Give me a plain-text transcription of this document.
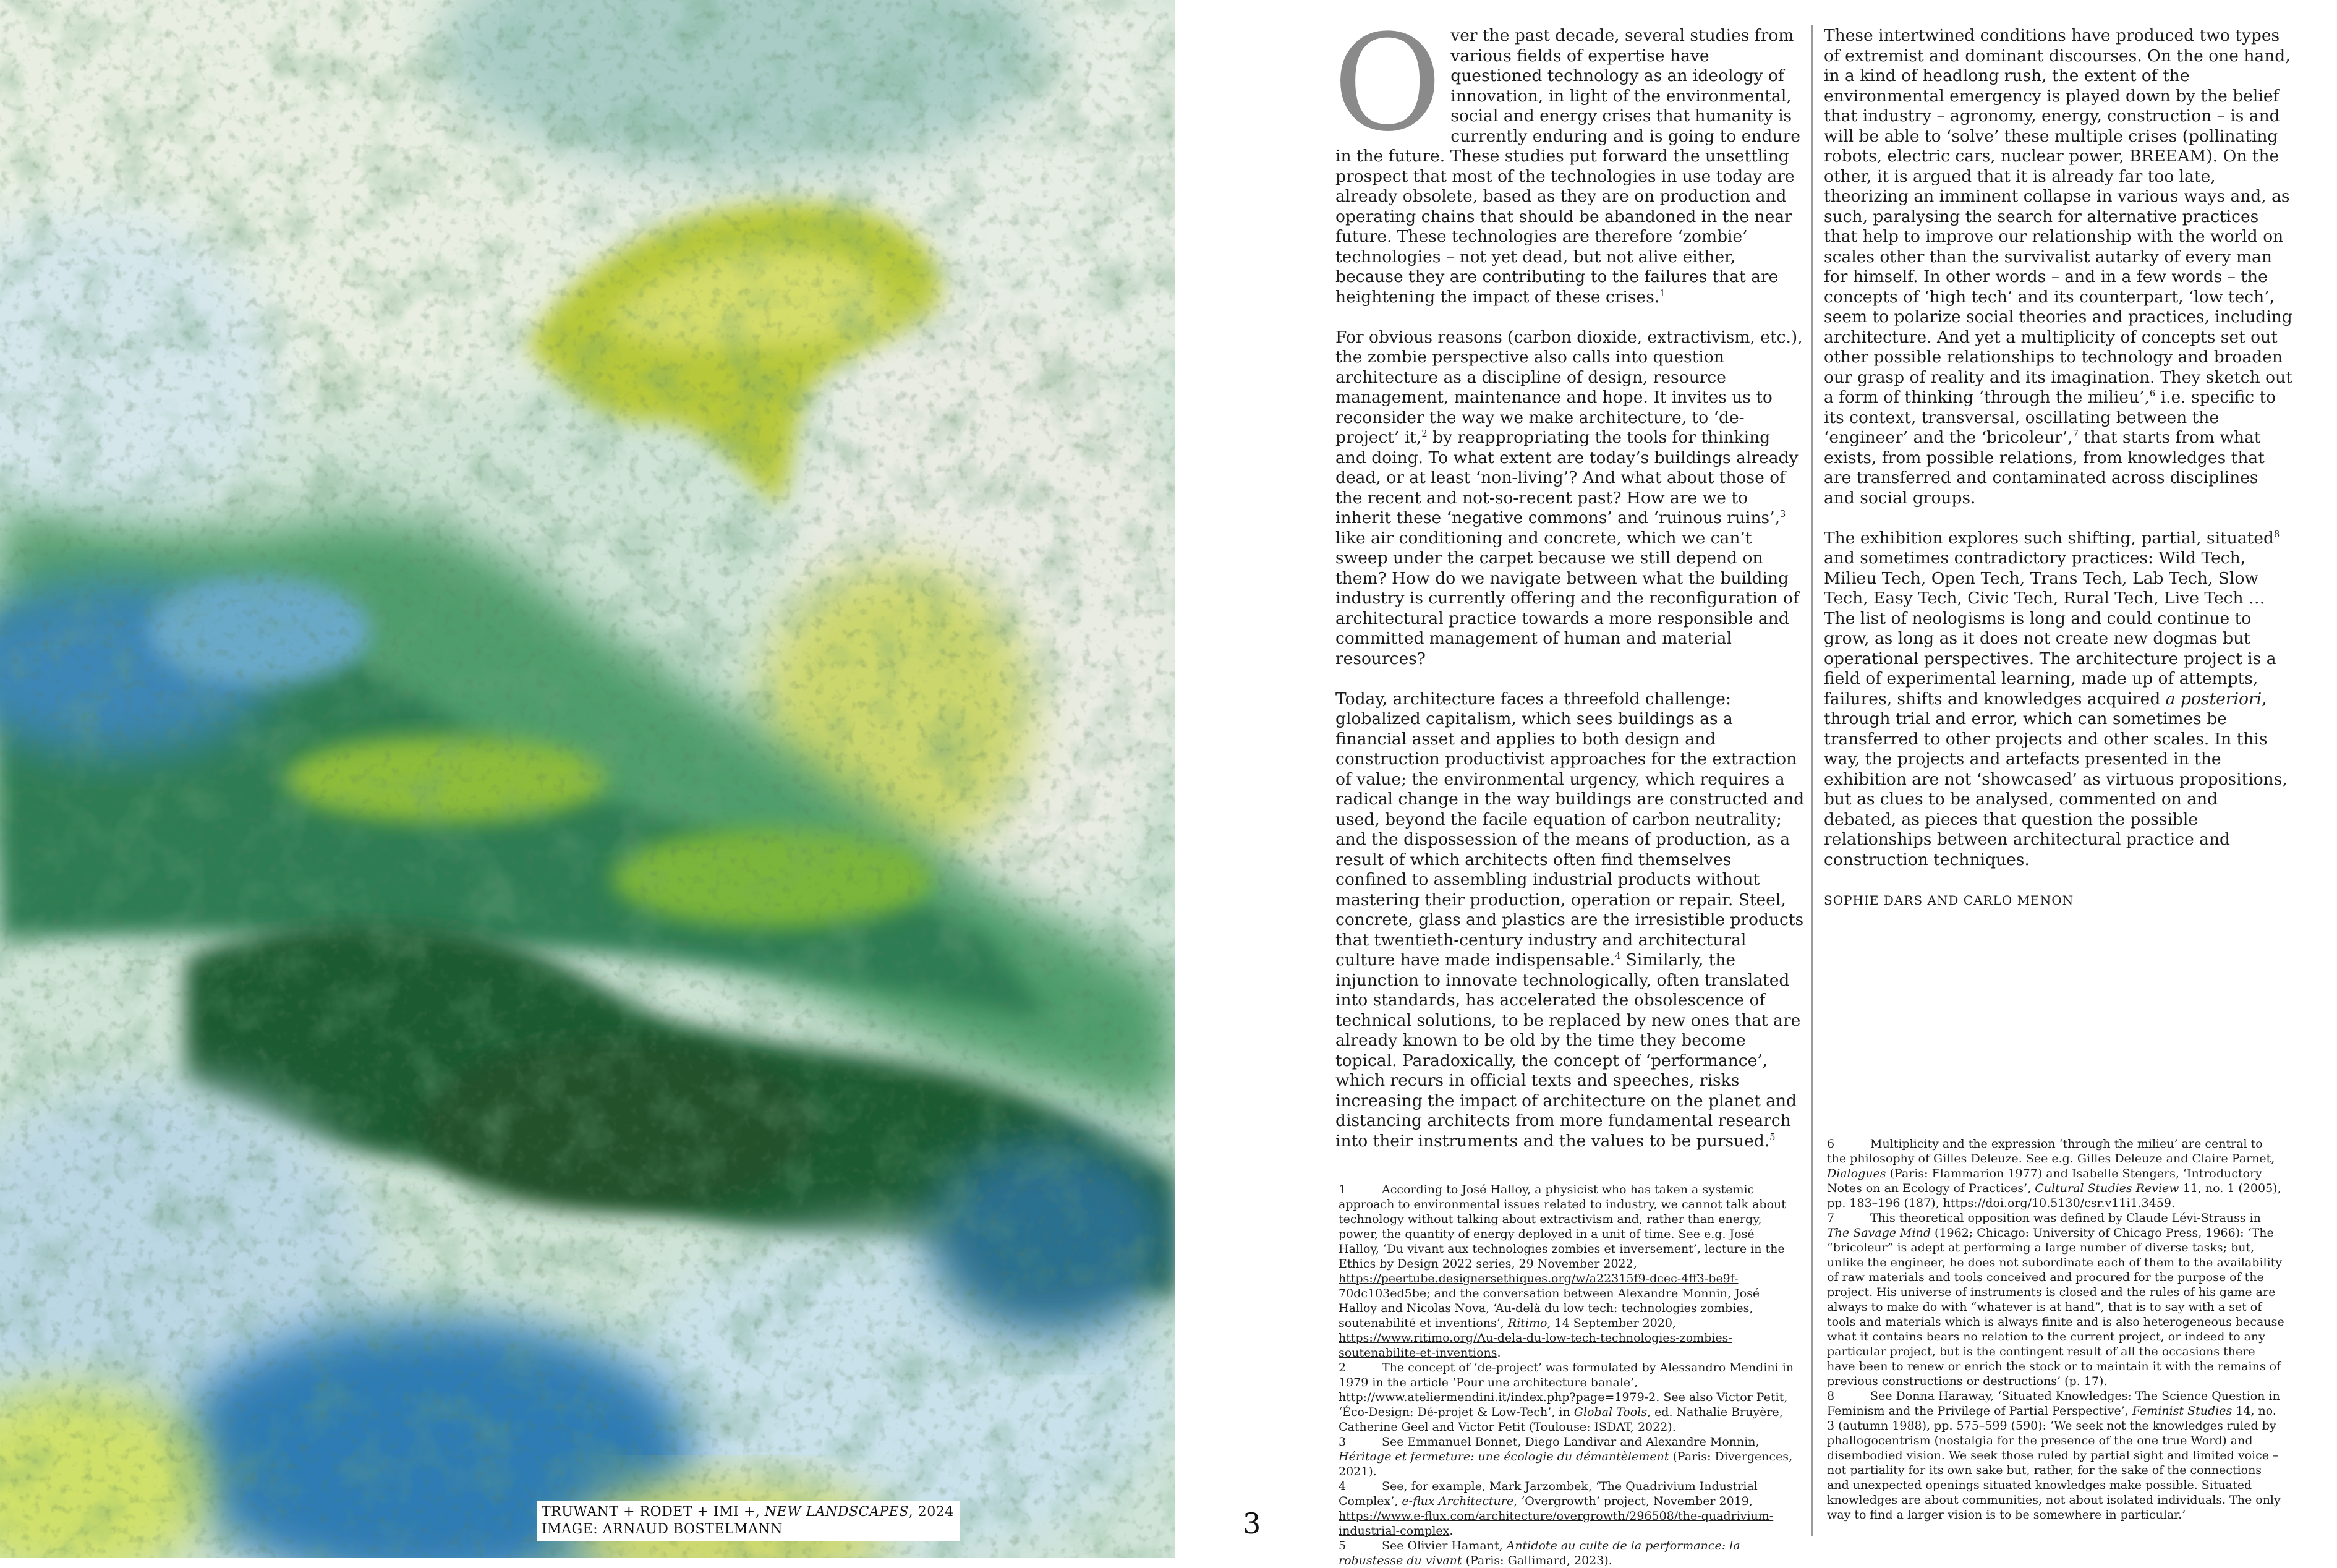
TRUWANT + RODET + IMI +, NEW LANDSCAPES, 2024
IMAGE: ARNAUD BOSTELMANN	3

Over the past decade, several studies from various fields of expertise have questioned technology as an ideology of innovation, in light of the environmental, social and energy crises that humanity is currently enduring and is going to endure in the future. These studies put forward the unsettling prospect that most of the technologies in use today are already obsolete, based as they are on production and operating chains that should be abandoned in the near future. These technologies are therefore ‘zombie’ technologies – not yet dead, but not alive either, because they are contributing to the failures that are heightening the impact of these crises.$^1$

For obvious reasons (carbon dioxide, extractivism, etc.), the zombie perspective also calls into question architecture as a discipline of design, resource management, maintenance and hope. It invites us to reconsider the way we make architecture, to ‘de-project’ it,$^2$ by reappropriating the tools for thinking and doing. To what extent are today’s buildings already dead, or at least ‘non-living’? And what about those of the recent and not-so-recent past? How are we to inherit these ‘negative commons’ and ‘ruinous ruins’,$^3$ like air conditioning and concrete, which we can’t sweep under the carpet because we still depend on them? How do we navigate between what the building industry is currently offering and the reconfiguration of architectural practice towards a more responsible and committed management of human and material resources?

Today, architecture faces a threefold challenge: globalized capitalism, which sees buildings as a financial asset and applies to both design and construction productivist approaches for the extraction of value; the environmental urgency, which requires a radical change in the way buildings are constructed and used, beyond the facile equation of carbon neutrality; and the dispossession of the means of production, as a result of which architects often find themselves confined to assembling industrial products without mastering their production, operation or repair. Steel, concrete, glass and plastics are the irresistible products that twentieth-century industry and architectural culture have made indispensable.$^4$ Similarly, the injunction to innovate technologically, often translated into standards, has accelerated the obsolescence of technical solutions, to be replaced by new ones that are already known to be old by the time they become topical. Paradoxically, the concept of ‘performance’, which recurs in official texts and speeches, risks increasing the impact of architecture on the planet and distancing architects from more fundamental research into their instruments and the values to be pursued.$^5$

These intertwined conditions have produced two types of extremist and dominant discourses. On the one hand, in a kind of headlong rush, the extent of the environmental emergency is played down by the belief that industry – agronomy, energy, construction – is and will be able to ‘solve’ these multiple crises (pollinating robots, electric cars, nuclear power, BREEAM). On the other, it is argued that it is already far too late, theorizing an imminent collapse in various ways and, as such, paralysing the search for alternative practices that help to improve our relationship with the world on scales other than the survivalist autarky of every man for himself. In other words – and in a few words – the concepts of ‘high tech’ and its counterpart, ‘low tech’, seem to polarize social theories and practices, including architecture. And yet a multiplicity of concepts set out other possible relationships to technology and broaden our grasp of reality and its imagination. They sketch out a form of thinking ‘through the milieu’,$^6$ i.e. specific to its context, transversal, oscillating between the ‘engineer’ and the ‘bricoleur’,$^7$ that starts from what exists, from possible relations, from knowledges that are transferred and contaminated across disciplines and social groups.

The exhibition explores such shifting, partial, situated$^8$ and sometimes contradictory practices: Wild Tech, Milieu Tech, Open Tech, Trans Tech, Lab Tech, Slow Tech, Easy Tech, Civic Tech, Rural Tech, Live Tech … The list of neologisms is long and could continue to grow, as long as it does not create new dogmas but operational perspectives. The architecture project is a field of experimental learning, made up of attempts, failures, shifts and knowledges acquired a posteriori, through trial and error, which can sometimes be transferred to other projects and other scales. In this way, the projects and artefacts presented in the exhibition are not ‘showcased’ as virtuous propositions, but as clues to be analysed, commented on and debated, as pieces that question the possible relationships between architectural practice and construction techniques.

SOPHIE DARS AND CARLO MENON

1	According to José Halloy, a physicist who has taken a systemic approach to environmental issues related to industry, we cannot talk about technology without talking about extractivism and, rather than energy, power, the quantity of energy deployed in a unit of time. See e.g. José Halloy, ‘Du vivant aux technologies zombies et inversement’, lecture in the Ethics by Design 2022 series, 29 November 2022, https://peertube.designersethiques.org/w/a22315f9-dcec-4ff3-be9f-70dc103ed5be; and the conversation between Alexandre Monnin, José Halloy and Nicolas Nova, ‘Au-delà du low tech: technologies zombies, soutenabilité et inventions’, Ritimo, 14 September 2020, https://www.ritimo.org/Au-dela-du-low-tech-technologies-zombies-soutenabilite-et-inventions.

2	The concept of ‘de-project’ was formulated by Alessandro Mendini in 1979 in the article ‘Pour une architecture banale’, http://www.ateliermendini.it/index.php?page=1979-2. See also Victor Petit, ‘Éco-Design: Dé-projet & Low-Tech’, in Global Tools, ed. Nathalie Bruyère, Catherine Geel and Victor Petit (Toulouse: ISDAT, 2022).

3	See Emmanuel Bonnet, Diego Landivar and Alexandre Monnin, Héritage et fermeture: une écologie du démantèlement (Paris: Divergences, 2021).

4	See, for example, Mark Jarzombek, ‘The Quadrivium Industrial Complex’, e-flux Architecture, ‘Overgrowth’ project, November 2019, https://www.e-flux.com/architecture/overgrowth/296508/the-quadrivium-industrial-complex.

5	See Olivier Hamant, Antidote au culte de la performance: la robustesse du vivant (Paris: Gallimard, 2023).

6	Multiplicity and the expression ‘through the milieu’ are central to the philosophy of Gilles Deleuze. See e.g. Gilles Deleuze and Claire Parnet, Dialogues (Paris: Flammarion 1977) and Isabelle Stengers, ‘Introductory Notes on an Ecology of Practices’, Cultural Studies Review 11, no. 1 (2005), pp. 183–196 (187), https://doi.org/10.5130/csr.v11i1.3459.

7	This theoretical opposition was defined by Claude Lévi-Strauss in The Savage Mind (1962; Chicago: University of Chicago Press, 1966): ‘The “bricoleur” is adept at performing a large number of diverse tasks; but, unlike the engineer, he does not subordinate each of them to the availability of raw materials and tools conceived and procured for the purpose of the project. His universe of instruments is closed and the rules of his game are always to make do with “whatever is at hand”, that is to say with a set of tools and materials which is always finite and is also heterogeneous because what it contains bears no relation to the current project, or indeed to any particular project, but is the contingent result of all the occasions there have been to renew or enrich the stock or to maintain it with the remains of previous constructions or destructions’ (p. 17).

8	See Donna Haraway, ‘Situated Knowledges: The Science Question in Feminism and the Privilege of Partial Perspective’, Feminist Studies 14, no. 3 (autumn 1988), pp. 575–599 (590): ‘We seek not the knowledges ruled by phallogocentrism (nostalgia for the presence of the one true Word) and disembodied vision. We seek those ruled by partial sight and limited voice – not partiality for its own sake but, rather, for the sake of the connections and unexpected openings situated knowledges make possible. Situated knowledges are about communities, not about isolated individuals. The only way to find a larger vision is to be somewhere in particular.’
